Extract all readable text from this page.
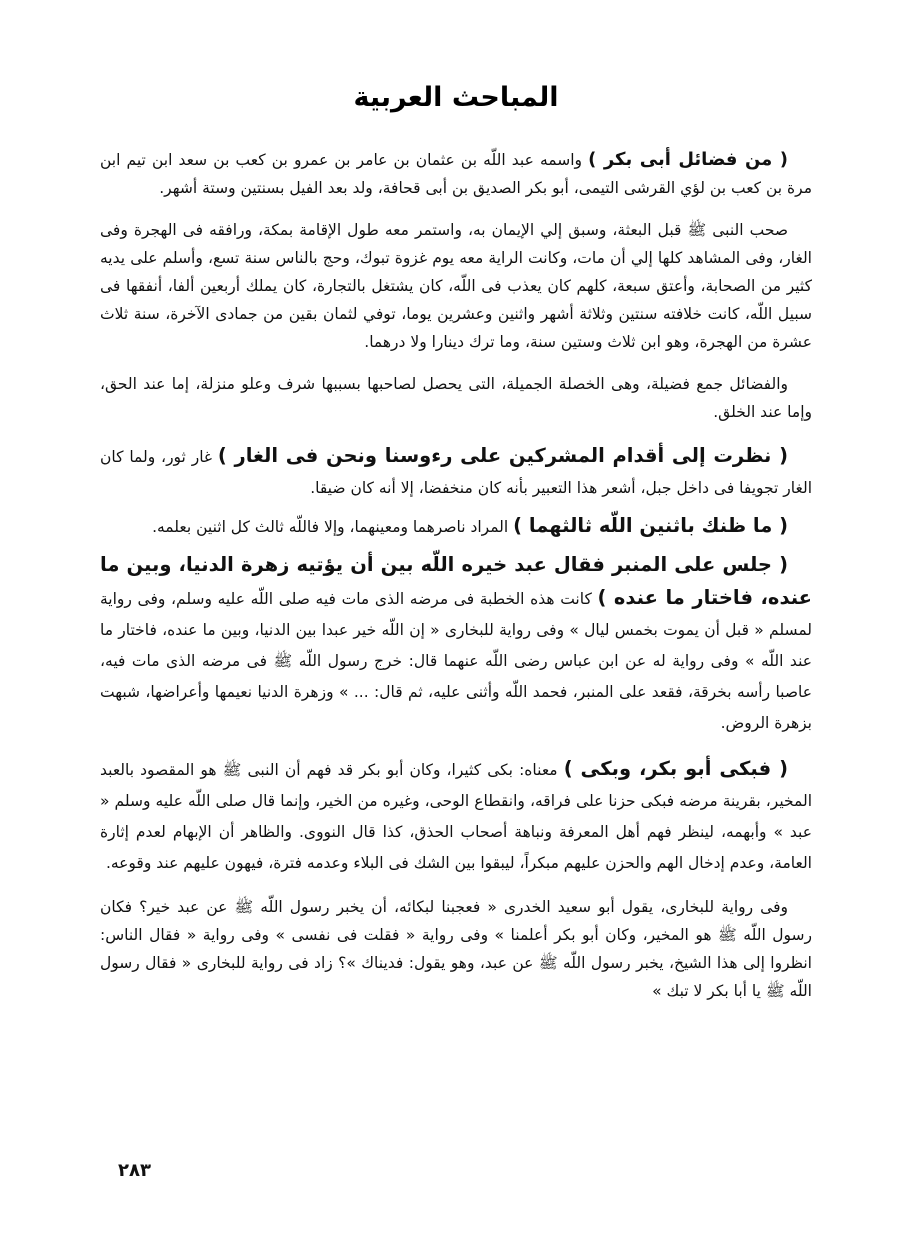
المباحث العربية

( من فضائل أبى بكر ) واسمه عبد اللّه بن عثمان بن عامر بن عمرو بن كعب بن سعد ابن تيم ابن مرة بن كعب بن لؤي القرشى التيمى، أبو بكر الصديق بن أبى قحافة، ولد بعد الفيل بسنتين وستة أشهر.

صحب النبى ﷺ قبل البعثة، وسبق إلي الإيمان به، واستمر معه طول الإقامة بمكة، ورافقه فى الهجرة وفى الغار، وفى المشاهد كلها إلي أن مات، وكانت الراية معه يوم غزوة تبوك، وحج بالناس سنة تسع، وأسلم على يديه كثير من الصحابة، وأعتق سبعة، كلهم كان يعذب فى اللّه، كان يشتغل بالتجارة، كان يملك أربعين ألفا، أنفقها فى سبيل اللّه، كانت خلافته سنتين وثلاثة أشهر واثنين وعشرين يوما، توفي لثمان بقين من جمادى الآخرة، سنة ثلاث عشرة من الهجرة، وهو ابن ثلاث وستين سنة، وما ترك دينارا ولا درهما.

والفضائل جمع فضيلة، وهى الخصلة الجميلة، التى يحصل لصاحبها بسببها شرف وعلو منزلة، إما عند الحق، وإما عند الخلق.

( نظرت إلى أقدام المشركين على رءوسنا ونحن فى الغار ) غار ثور، ولما كان الغار تجويفا فى داخل جبل، أشعر هذا التعبير بأنه كان منخفضا، إلا أنه كان ضيقا.

( ما ظنك باثنين اللّه ثالثهما ) المراد ناصرهما ومعينهما، وإلا فاللّه ثالث كل اثنين بعلمه.

( جلس على المنبر فقال عبد خيره اللّه بين أن يؤتيه زهرة الدنيا، وبين ما عنده، فاختار ما عنده ) كانت هذه الخطبة فى مرضه الذى مات فيه صلى اللّه عليه وسلم، وفى رواية لمسلم « قبل أن يموت بخمس ليال » وفى رواية للبخارى « إن اللّه خير عبدا بين الدنيا، وبين ما عنده، فاختار ما عند اللّه » وفى رواية له عن ابن عباس رضى اللّه عنهما قال: خرج رسول اللّه ﷺ فى مرضه الذى مات فيه، عاصبا رأسه بخرقة، فقعد على المنبر، فحمد اللّه وأثنى عليه، ثم قال: ... » وزهرة الدنيا نعيمها وأعراضها، شبهت بزهرة الروض.

( فبكى أبو بكر، وبكى ) معناه: بكى كثيرا، وكان أبو بكر قد فهم أن النبى ﷺ هو المقصود بالعبد المخير، بقرينة مرضه فبكى حزنا على فراقه، وانقطاع الوحى، وغيره من الخير، وإنما قال صلى اللّه عليه وسلم « عبد » وأبهمه، لينظر فهم أهل المعرفة ونباهة أصحاب الحذق، كذا قال النووى. والظاهر أن الإبهام لعدم إثارة العامة، وعدم إدخال الهم والحزن عليهم مبكراً، ليبقوا بين الشك فى البلاء وعدمه فترة، فيهون عليهم عند وقوعه.

وفى رواية للبخارى، يقول أبو سعيد الخدرى « فعجبنا لبكائه، أن يخبر رسول اللّه ﷺ عن عبد خير؟ فكان رسول اللّه ﷺ هو المخير، وكان أبو بكر أعلمنا » وفى رواية « فقلت فى نفسى » وفى رواية « فقال الناس: انظروا إلى هذا الشيخ، يخبر رسول اللّه ﷺ عن عبد، وهو يقول: فديناك »؟ زاد فى رواية للبخارى « فقال رسول اللّه ﷺ يا أبا بكر لا تبك »

٢٨٣
